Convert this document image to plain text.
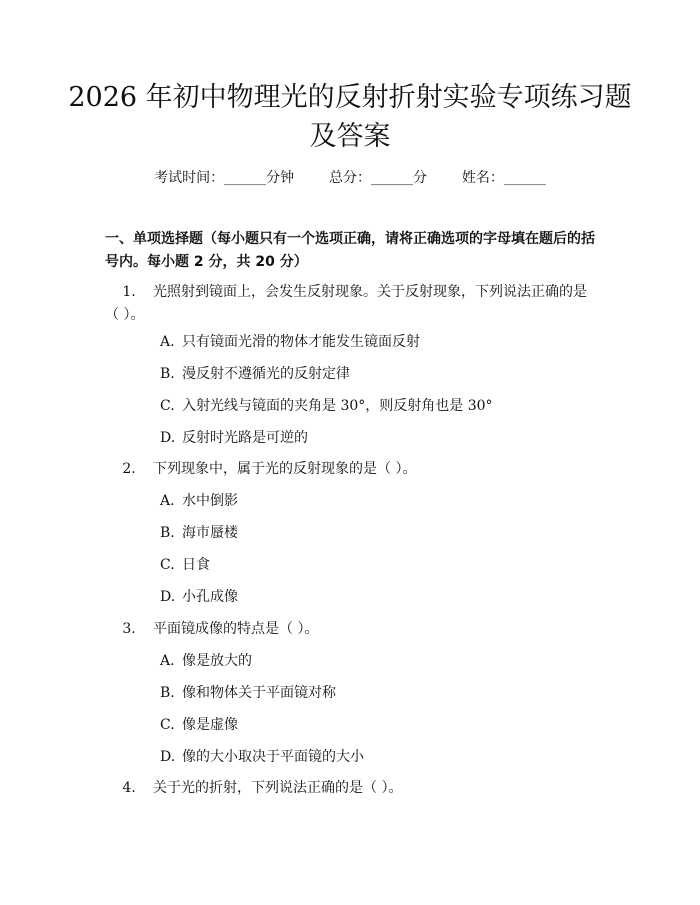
2026 年初中物理光的反射折射实验专项练习题及答案
考试时间：______分钟 总分：______分 姓名：______
一、单项选择题（每小题只有一个选项正确，请将正确选项的字母填在题后的括号内。每小题 2 分，共 20 分）
1. 光照射到镜面上，会发生反射现象。关于反射现象，下列说法正确的是（ ）。
A. 只有镜面光滑的物体才能发生镜面反射
B. 漫反射不遵循光的反射定律
C. 入射光线与镜面的夹角是 30°，则反射角也是 30°
D. 反射时光路是可逆的
2. 下列现象中，属于光的反射现象的是（ ）。
A. 水中倒影
B. 海市蜃楼
C. 日食
D. 小孔成像
3. 平面镜成像的特点是（ ）。
A. 像是放大的
B. 像和物体关于平面镜对称
C. 像是虚像
D. 像的大小取决于平面镜的大小
4. 关于光的折射，下列说法正确的是（ ）。
